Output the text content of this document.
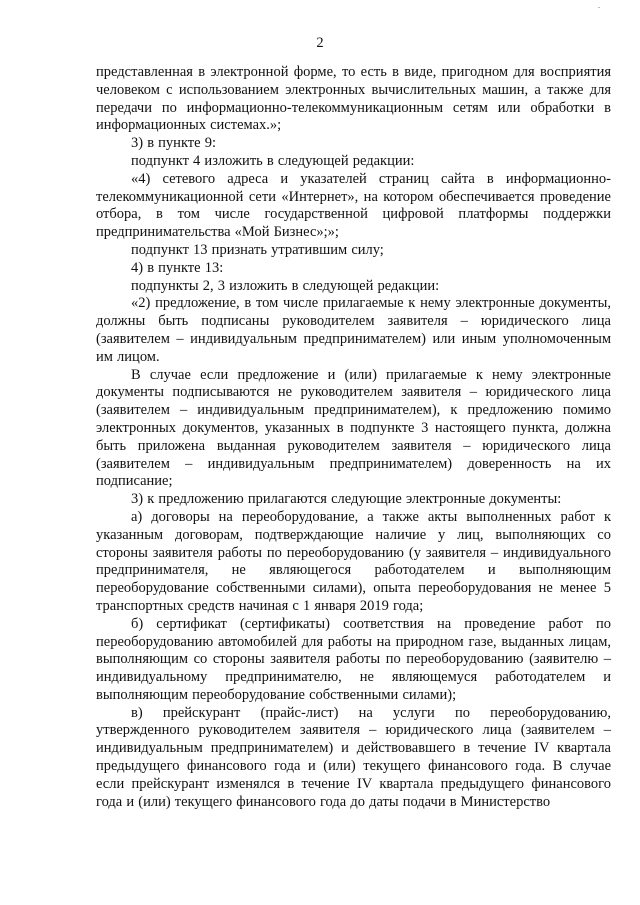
2

представленная в электронной форме, то есть в виде, пригодном для восприятия человеком с использованием электронных вычислительных машин, а также для передачи по информационно-телекоммуникационным сетям или обработки в информационных системах.»;

3) в пункте 9:

подпункт 4 изложить в следующей редакции:

«4) сетевого адреса и указателей страниц сайта в информационно-телекоммуникационной сети «Интернет», на котором обеспечивается проведение отбора, в том числе государственной цифровой платформы поддержки предпринимательства «Мой Бизнес»;»;

подпункт 13 признать утратившим силу;

4) в пункте 13:

подпункты 2, 3 изложить в следующей редакции:

«2) предложение, в том числе прилагаемые к нему электронные документы, должны быть подписаны руководителем заявителя – юридического лица (заявителем – индивидуальным предпринимателем) или иным уполномоченным им лицом.

В случае если предложение и (или) прилагаемые к нему электронные документы подписываются не руководителем заявителя – юридического лица (заявителем – индивидуальным предпринимателем), к предложению помимо электронных документов, указанных в подпункте 3 настоящего пункта, должна быть приложена выданная руководителем заявителя – юридического лица (заявителем – индивидуальным предпринимателем) доверенность на их подписание;

3) к предложению прилагаются следующие электронные документы:

а) договоры на переоборудование, а также акты выполненных работ к указанным договорам, подтверждающие наличие у лиц, выполняющих со стороны заявителя работы по переоборудованию (у заявителя – индивидуального предпринимателя, не являющегося работодателем и выполняющим переоборудование собственными силами), опыта переоборудования не менее 5 транспортных средств начиная с 1 января 2019 года;

б) сертификат (сертификаты) соответствия на проведение работ по переоборудованию автомобилей для работы на природном газе, выданных лицам, выполняющим со стороны заявителя работы по переоборудованию (заявителю – индивидуальному предпринимателю, не являющемуся работодателем и выполняющим переоборудование собственными силами);

в) прейскурант (прайс-лист) на услуги по переоборудованию, утвержденного руководителем заявителя – юридического лица (заявителем – индивидуальным предпринимателем) и действовавшего в течение IV квартала предыдущего финансового года и (или) текущего финансового года. В случае если прейскурант изменялся в течение IV квартала предыдущего финансового года и (или) текущего финансового года до даты подачи в Министерство
